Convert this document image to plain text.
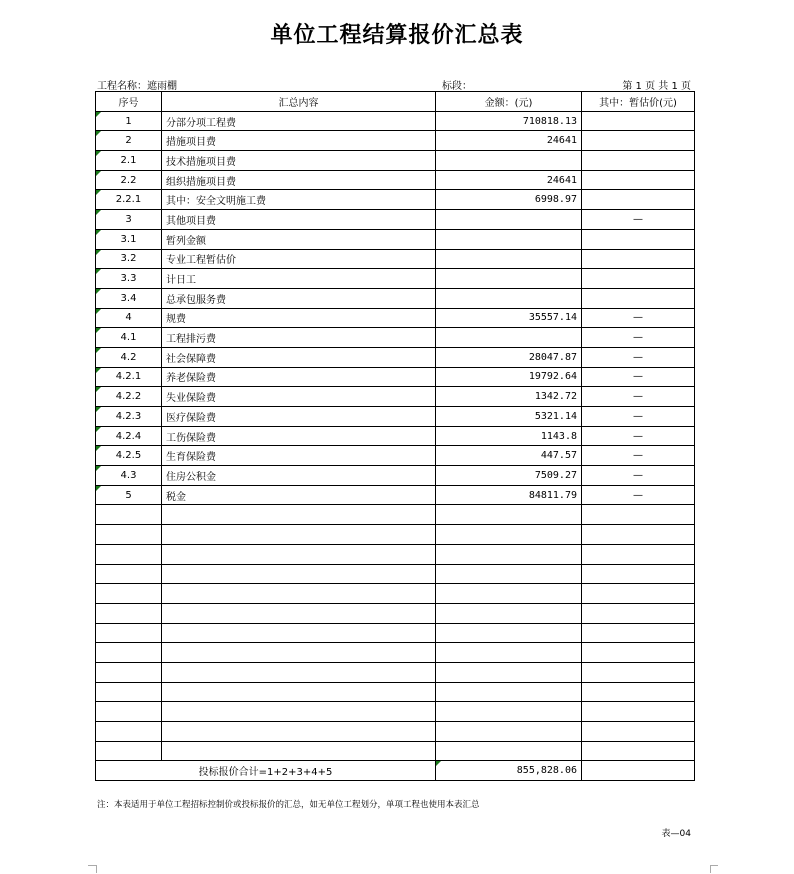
单位工程结算报价汇总表
工程名称：遮雨棚	标段：	第 1 页 共 1 页
序号	汇总内容	金额：(元)	其中：暂估价(元)
1	分部分项工程费	710818.13	
2	措施项目费	24641	
2.1	技术措施项目费		
2.2	组织措施项目费	24641	
2.2.1	其中：安全文明施工费	6998.97	
3	其他项目费		—
3.1	暂列金额		
3.2	专业工程暂估价		
3.3	计日工		
3.4	总承包服务费		
4	规费	35557.14	—
4.1	工程排污费		—
4.2	社会保障费	28047.87	—
4.2.1	养老保险费	19792.64	—
4.2.2	失业保险费	1342.72	—
4.2.3	医疗保险费	5321.14	—
4.2.4	工伤保险费	1143.8	—
4.2.5	生育保险费	447.57	—
4.3	住房公积金	7509.27	—
5	税金	84811.79	—

投标报价合计=1+2+3+4+5		855,828.06	
注：本表适用于单位工程招标控制价或投标报价的汇总，如无单位工程划分，单项工程也使用本表汇总
表—04
